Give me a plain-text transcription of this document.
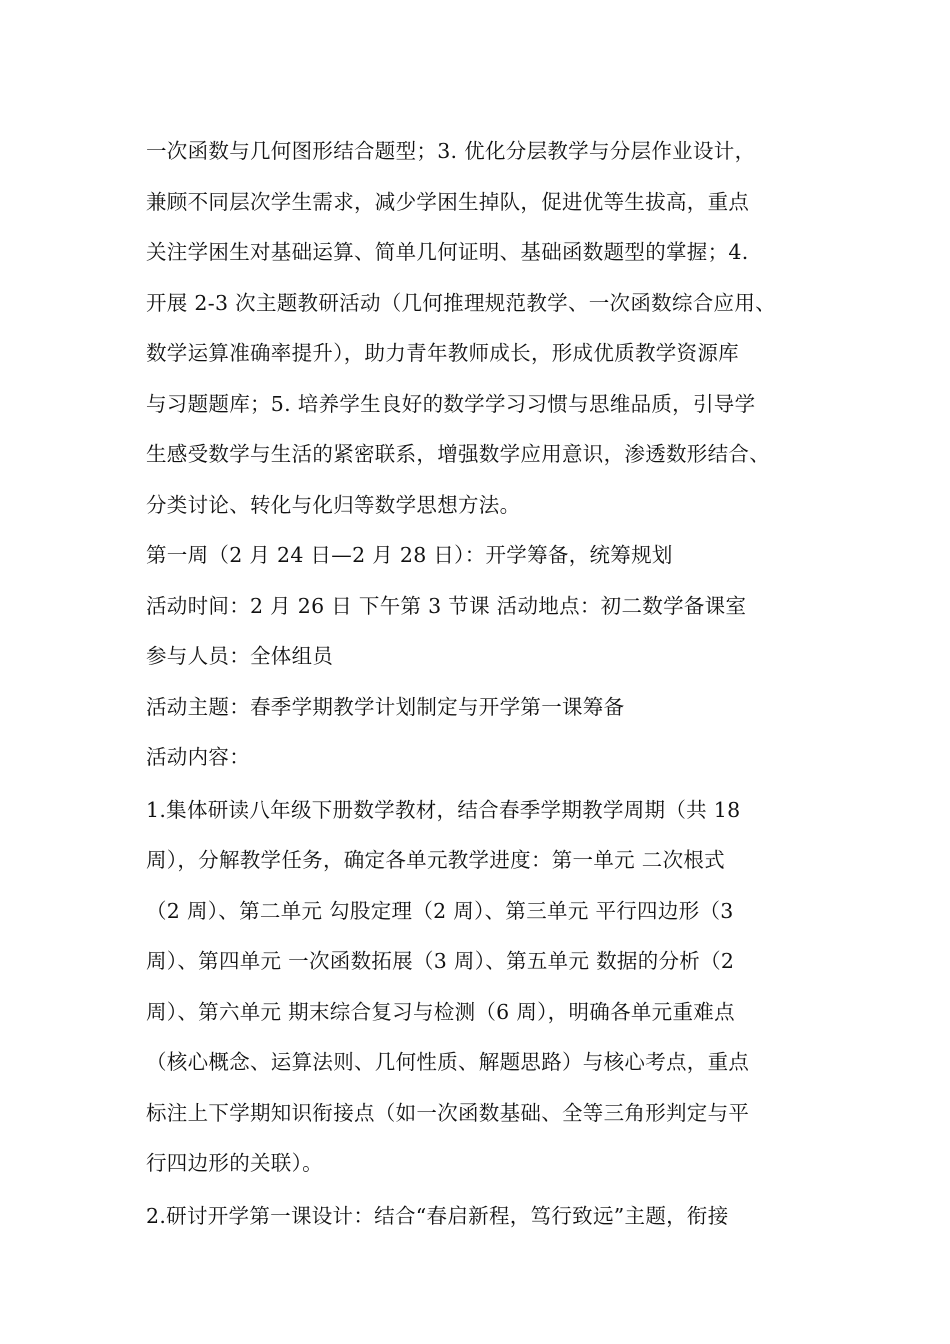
一次函数与几何图形结合题型；3. 优化分层教学与分层作业设计，

兼顾不同层次学生需求，减少学困生掉队，促进优等生拔高，重点

关注学困生对基础运算、简单几何证明、基础函数题型的掌握；4.

开展 2-3 次主题教研活动（几何推理规范教学、一次函数综合应用、

数学运算准确率提升），助力青年教师成长，形成优质教学资源库

与习题题库；5. 培养学生良好的数学学习习惯与思维品质，引导学

生感受数学与生活的紧密联系，增强数学应用意识，渗透数形结合、

分类讨论、转化与化归等数学思想方法。

第一周（2 月 24 日—2 月 28 日）：开学筹备，统筹规划

活动时间：2 月 26 日 下午第 3 节课 活动地点：初二数学备课室

参与人员：全体组员

活动主题：春季学期教学计划制定与开学第一课筹备

活动内容：

1.集体研读八年级下册数学教材，结合春季学期教学周期（共 18

周），分解教学任务，确定各单元教学进度：第一单元 二次根式

（2 周）、第二单元 勾股定理（2 周）、第三单元 平行四边形（3

周）、第四单元 一次函数拓展（3 周）、第五单元 数据的分析（2

周）、第六单元 期末综合复习与检测（6 周），明确各单元重难点

（核心概念、运算法则、几何性质、解题思路）与核心考点，重点

标注上下学期知识衔接点（如一次函数基础、全等三角形判定与平

行四边形的关联）。

2.研讨开学第一课设计：结合“春启新程，笃行致远”主题，衔接
